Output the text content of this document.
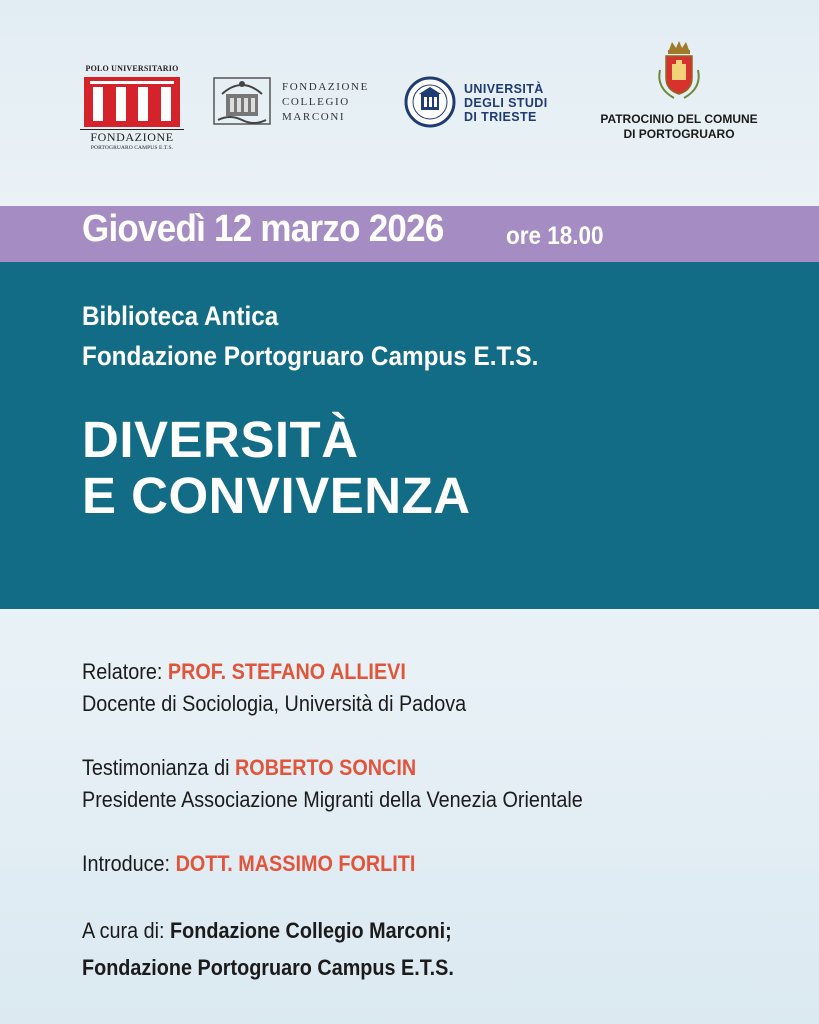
POLO UNIVERSITARIO
FONDAZIONE
PORTOGRUARO CAMPUS E.T.S.
FONDAZIONE
COLLEGIO
MARCONI
UNIVERSITÀ
DEGLI STUDI
DI TRIESTE	PATROCINIO DEL COMUNE
DI PORTOGRUARO
Giovedì 12 marzo 2026 ore 18.00
Biblioteca Antica
Fondazione Portogruaro Campus E.T.S.
DIVERSITÀ
E CONVIVENZA
Relatore: PROF. STEFANO ALLIEVI
Docente di Sociologia, Università di Padova
Testimonianza di ROBERTO SONCIN
Presidente Associazione Migranti della Venezia Orientale
Introduce: DOTT. MASSIMO FORLITI
A cura di: Fondazione Collegio Marconi;
Fondazione Portogruaro Campus E.T.S.
